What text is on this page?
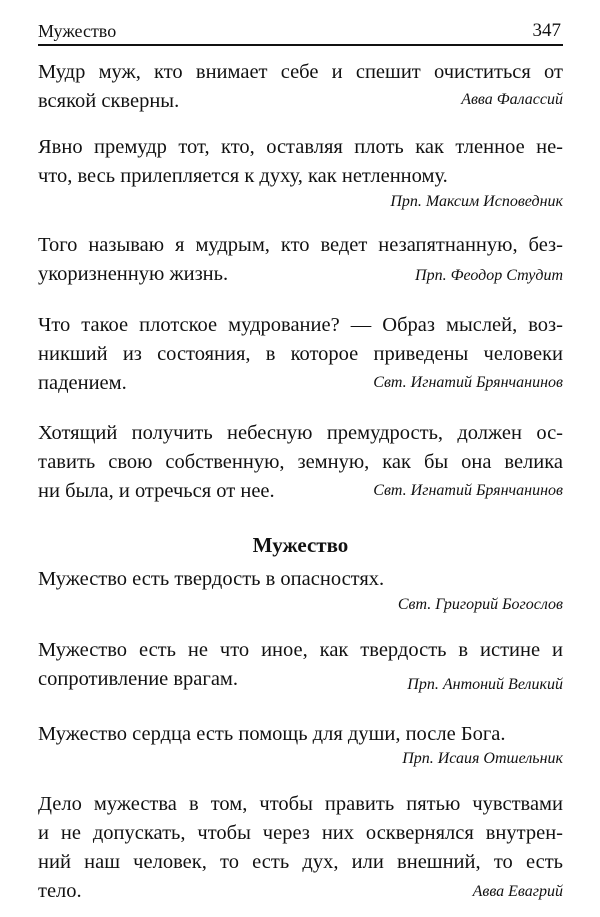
Мужество	347
Мудр муж, кто внимает себе и спешит очиститься от
всякой скверны.	Авва Фалассий
Явно премудр тот, кто, оставляя плоть как тленное не-
что, весь прилепляется к духу, как нетленному.
Прп. Максим Исповедник
Того называю я мудрым, кто ведет незапятнанную, без-
укоризненную жизнь.	Прп. Феодор Студит
Что такое плотское мудрование? — Образ мыслей, воз-
никший из состояния, в которое приведены человеки
падением.	Свт. Игнатий Брянчанинов
Хотящий получить небесную премудрость, должен ос-
тавить свою собственную, земную, как бы она велика
ни была, и отречься от нее.	Свт. Игнатий Брянчанинов
Мужество
Мужество есть твердость в опасностях.
Свт. Григорий Богослов
Мужество есть не что иное, как твердость в истине и
сопротивление врагам.	Прп. Антоний Великий
Мужество сердца есть помощь для души, после Бога.
Прп. Исаия Отшельник
Дело мужества в том, чтобы править пятью чувствами
и не допускать, чтобы через них осквернялся внутрен-
ний наш человек, то есть дух, или внешний, то есть
тело.	Авва Евагрий
